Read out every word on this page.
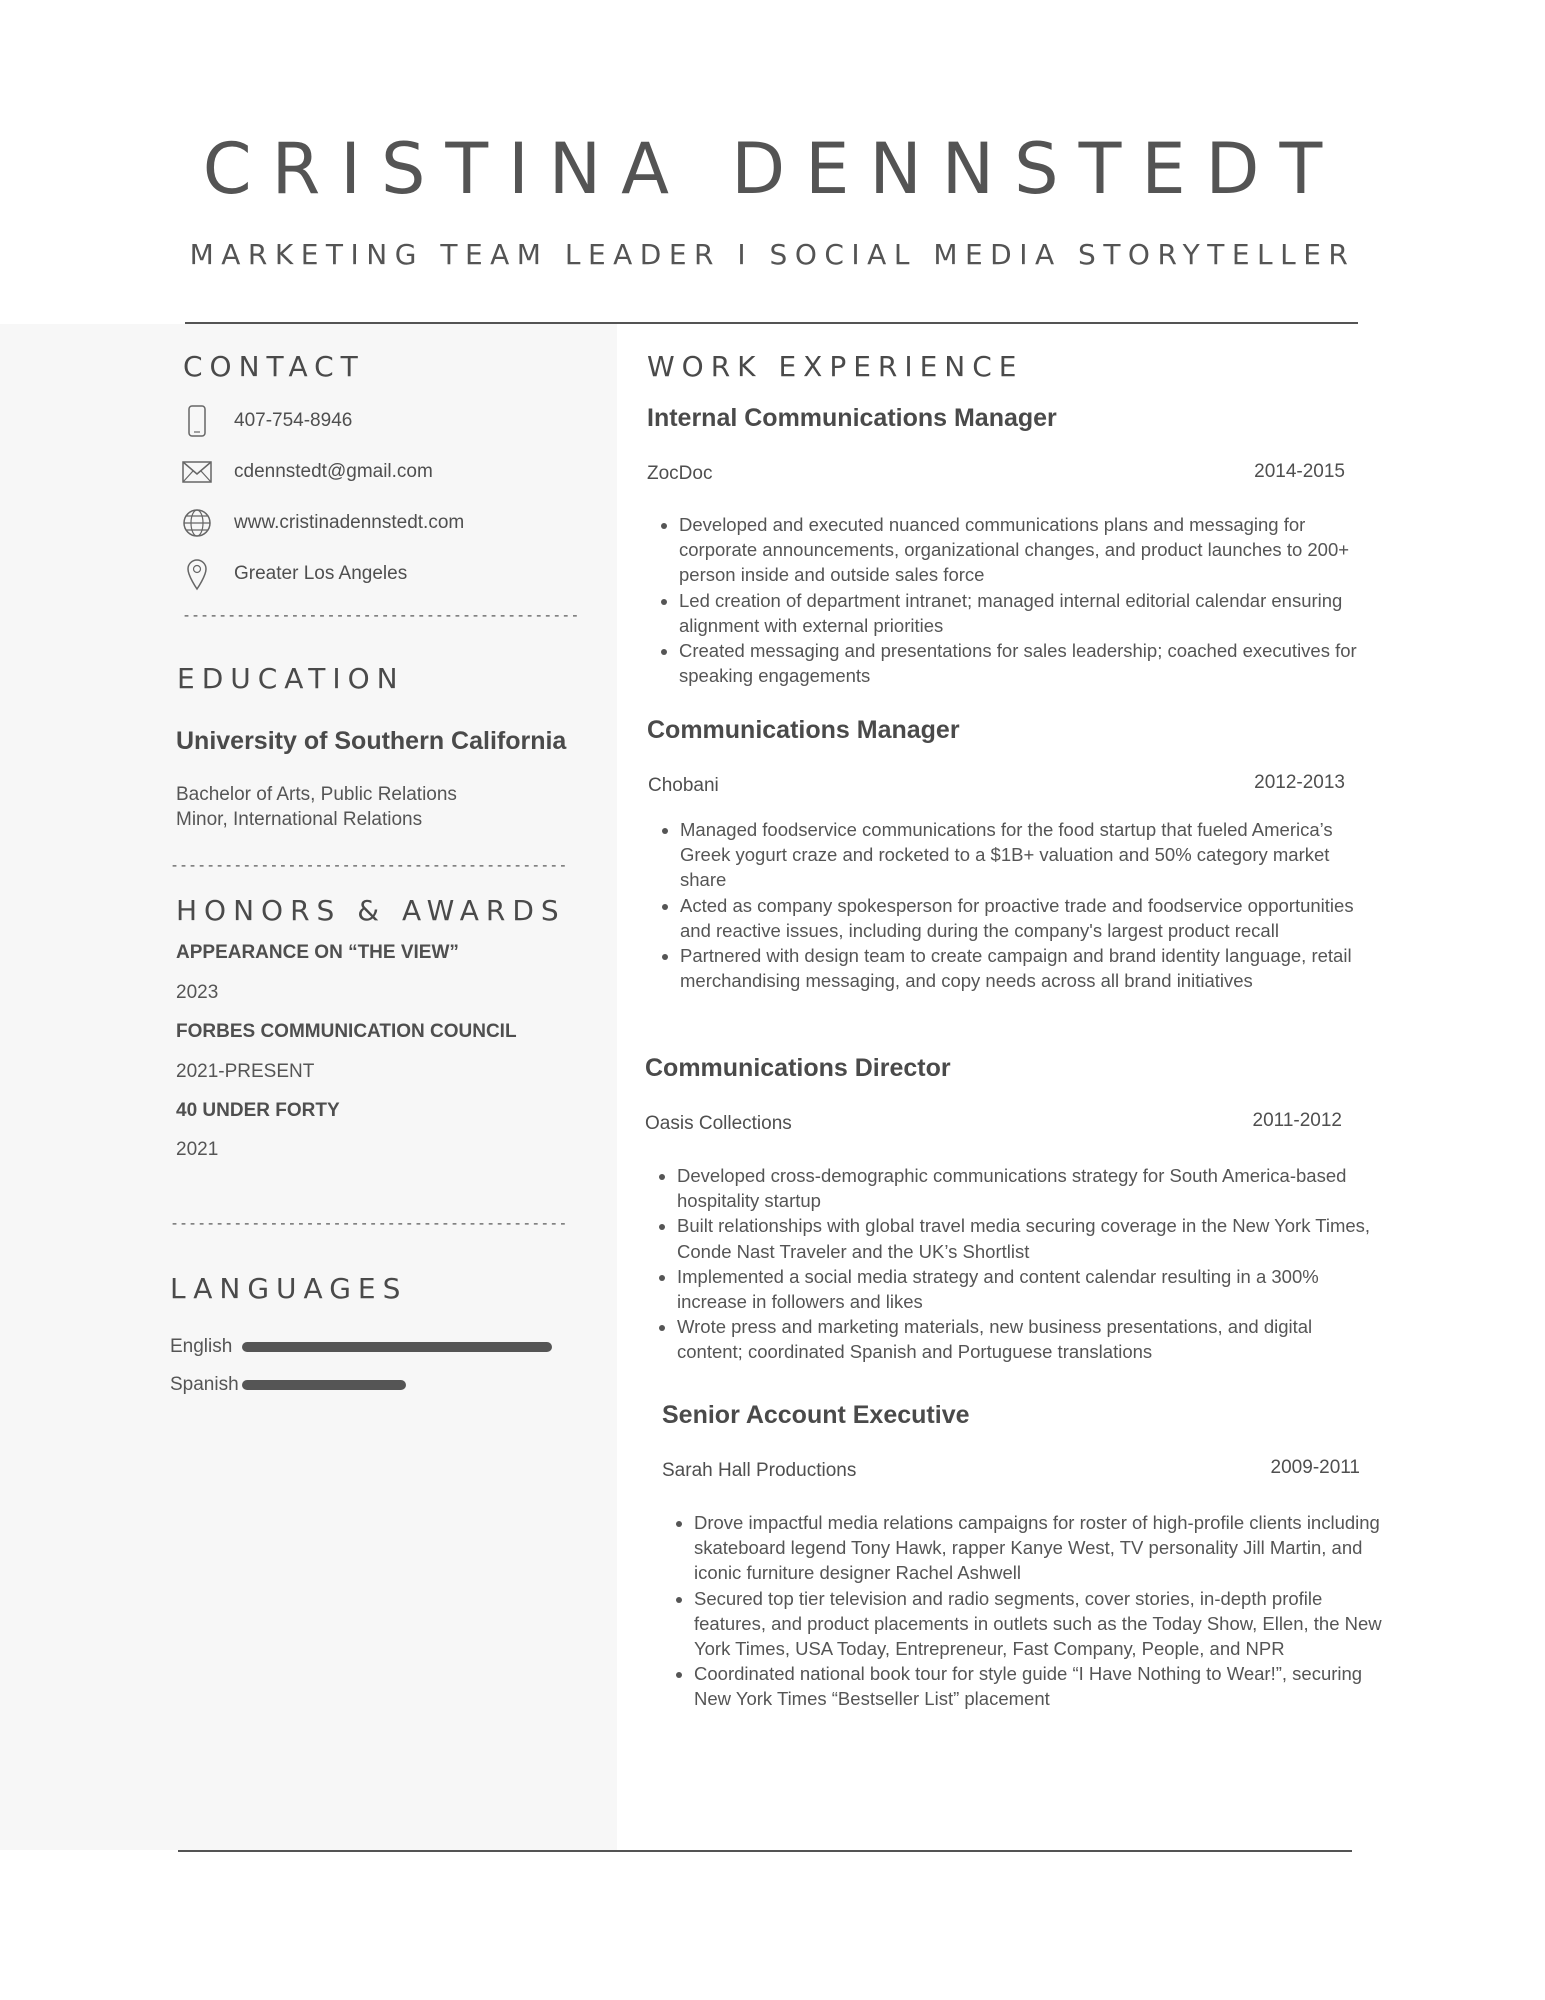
CRISTINA DENNSTEDT
MARKETING TEAM LEADER I SOCIAL MEDIA STORYTELLER
CONTACT
407-754-8946
cdennstedt@gmail.com
www.cristinadennstedt.com
Greater Los Angeles
--------------------------------------------
EDUCATION
University of Southern California
Bachelor of Arts, Public Relations
Minor, International Relations
--------------------------------------------
HONORS & AWARDS
APPEARANCE ON “THE VIEW”
2023
FORBES COMMUNICATION COUNCIL
2021-PRESENT
40 UNDER FORTY
2021
--------------------------------------------
LANGUAGES
English
Spanish
WORK EXPERIENCE
Internal Communications Manager
ZocDoc	2014-2015
• Developed and executed nuanced communications plans and messaging for corporate announcements, organizational changes, and product launches to 200+ person inside and outside sales force
• Led creation of department intranet; managed internal editorial calendar ensuring alignment with external priorities
• Created messaging and presentations for sales leadership; coached executives for speaking engagements
Communications Manager
Chobani	2012-2013
• Managed foodservice communications for the food startup that fueled America’s Greek yogurt craze and rocketed to a $1B+ valuation and 50% category market share
• Acted as company spokesperson for proactive trade and foodservice opportunities and reactive issues, including during the company's largest product recall
• Partnered with design team to create campaign and brand identity language, retail merchandising messaging, and copy needs across all brand initiatives
Communications Director
Oasis Collections	2011-2012
• Developed cross-demographic communications strategy for South America-based hospitality startup
• Built relationships with global travel media securing coverage in the New York Times, Conde Nast Traveler and the UK’s Shortlist
• Implemented a social media strategy and content calendar resulting in a 300% increase in followers and likes
• Wrote press and marketing materials, new business presentations, and digital content; coordinated Spanish and Portuguese translations
Senior Account Executive
Sarah Hall Productions	2009-2011
• Drove impactful media relations campaigns for roster of high-profile clients including skateboard legend Tony Hawk, rapper Kanye West, TV personality Jill Martin, and iconic furniture designer Rachel Ashwell
• Secured top tier television and radio segments, cover stories, in-depth profile features, and product placements in outlets such as the Today Show, Ellen, the New York Times, USA Today, Entrepreneur, Fast Company, People, and NPR
• Coordinated national book tour for style guide “I Have Nothing to Wear!”, securing New York Times “Bestseller List” placement
